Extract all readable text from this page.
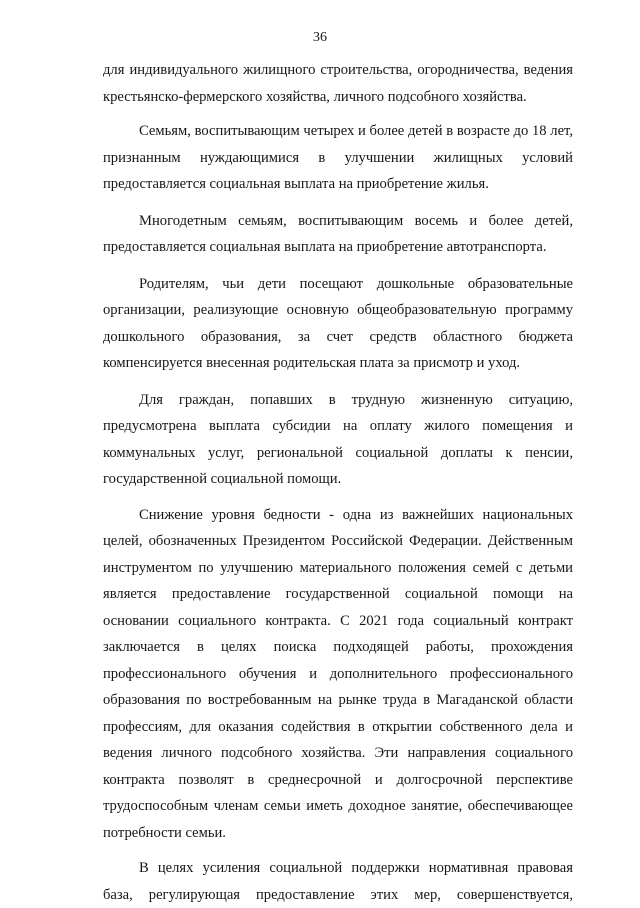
36

для индивидуального жилищного строительства, огородничества, ведения крестьянско-фермерского хозяйства, личного подсобного хозяйства.

Семьям, воспитывающим четырех и более детей в возрасте до 18 лет, признанным нуждающимися в улучшении жилищных условий предоставляется социальная выплата на приобретение жилья.

Многодетным семьям, воспитывающим восемь и более детей, предоставляется социальная выплата на приобретение автотранспорта.

Родителям, чьи дети посещают дошкольные образовательные организации, реализующие основную общеобразовательную программу дошкольного образования, за счет средств областного бюджета компенсируется внесенная родительская плата за присмотр и уход.

Для граждан, попавших в трудную жизненную ситуацию, предусмотрена выплата субсидии на оплату жилого помещения и коммунальных услуг, региональной социальной доплаты к пенсии, государственной социальной помощи.

Снижение уровня бедности - одна из важнейших национальных целей, обозначенных Президентом Российской Федерации. Действенным инструментом по улучшению материального положения семей с детьми является предоставление государственной социальной помощи на основании социального контракта. С 2021 года социальный контракт заключается в целях поиска подходящей работы, прохождения профессионального обучения и дополнительного профессионального образования по востребованным на рынке труда в Магаданской области профессиям, для оказания содействия в открытии собственного дела и ведения личного подсобного хозяйства. Эти направления социального контракта позволят в среднесрочной и долгосрочной перспективе трудоспособным членам семьи иметь доходное занятие, обеспечивающее потребности семьи.

В целях усиления социальной поддержки нормативная правовая база, регулирующая предоставление этих мер, совершенствуется,
